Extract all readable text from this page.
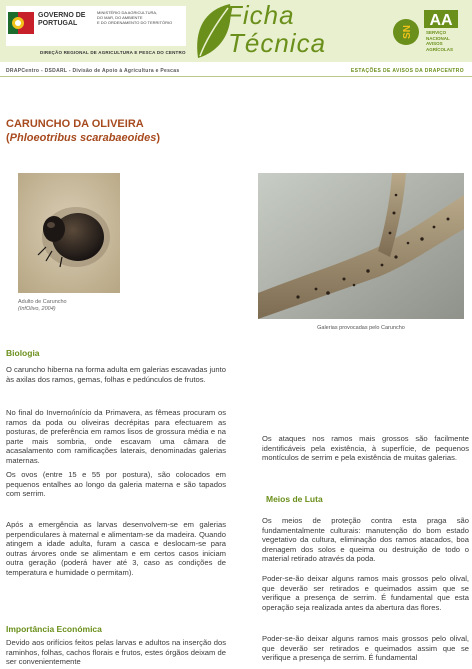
GOVERNO DE
PORTUGAL
MINISTÉRIO DA AGRICULTURA,
DO MAR, DO AMBIENTE
E DO ORDENAMENTO DO TERRITÓRIO
DIREÇÃO REGIONAL DE AGRICULTURA E PESCA DO CENTRO
Ficha
Técnica	SN
AA
SERVIÇO
NACIONAL
AVISOS
AGRÍCOLAS
DRAPCentro - DSDARL - Divisão de Apoio à Agricultura e Pescas	ESTAÇÕES DE AVISOS DA DRAPCENTRO
CARUNCHO DA OLIVEIRA
(Phloeotribus scarabaeoides)
Adulto de Caruncho
(InfOlivo, 2004)
Galerias provocadas pelo Caruncho
Biologia
O caruncho hiberna na forma adulta em galerias escavadas junto às axilas dos ramos, gemas, folhas e pedúnculos de frutos.
No final do Inverno/início da Primavera, as fêmeas procuram os ramos da poda ou oliveiras decrépitas para efectuarem as posturas, de preferência em ramos lisos de grossura média e na parte mais sombria, onde escavam uma câmara de acasalamento com ramificações laterais, denominadas galerias maternas.
Os ovos (entre 15 e 55 por postura), são colocados em pequenos entalhes ao longo da galeria materna e são tapados com serrim.
Após a emergência as larvas desenvolvem-se em galerias perpendiculares à maternal e alimentam-se da madeira. Quando atingem a idade adulta, furam a casca e deslocam-se para outras árvores onde se alimentam e em certos casos iniciam outra geração (poderá haver até 3, caso as condições de temperatura e humidade o permitam).
Importância Económica
Devido aos orifícios feitos pelas larvas e adultos na inserção dos raminhos, folhas, cachos florais e frutos, estes órgãos deixam de ser convenientemente
Os ataques nos ramos mais grossos são facilmente identificáveis pela existência, à superfície, de pequenos montículos de serrim e pela existência de muitas galerias.
Meios de Luta
Os meios de proteção contra esta praga são fundamentalmente culturais: manutenção do bom estado vegetativo da cultura, eliminação dos ramos atacados, boa drenagem dos solos e queima ou destruição de todo o material retirado através da poda.
Poder-se-ão deixar alguns ramos mais grossos pelo olival, que deverão ser retirados e queimados assim que se verifique a presença de serrim. É fundamental que esta operação seja realizada antes da abertura das flores.
Poder-se-ão deixar alguns ramos mais grossos pelo olival, que deverão ser retirados e queimados assim que se verifique a presença de serrim. É fundamental
